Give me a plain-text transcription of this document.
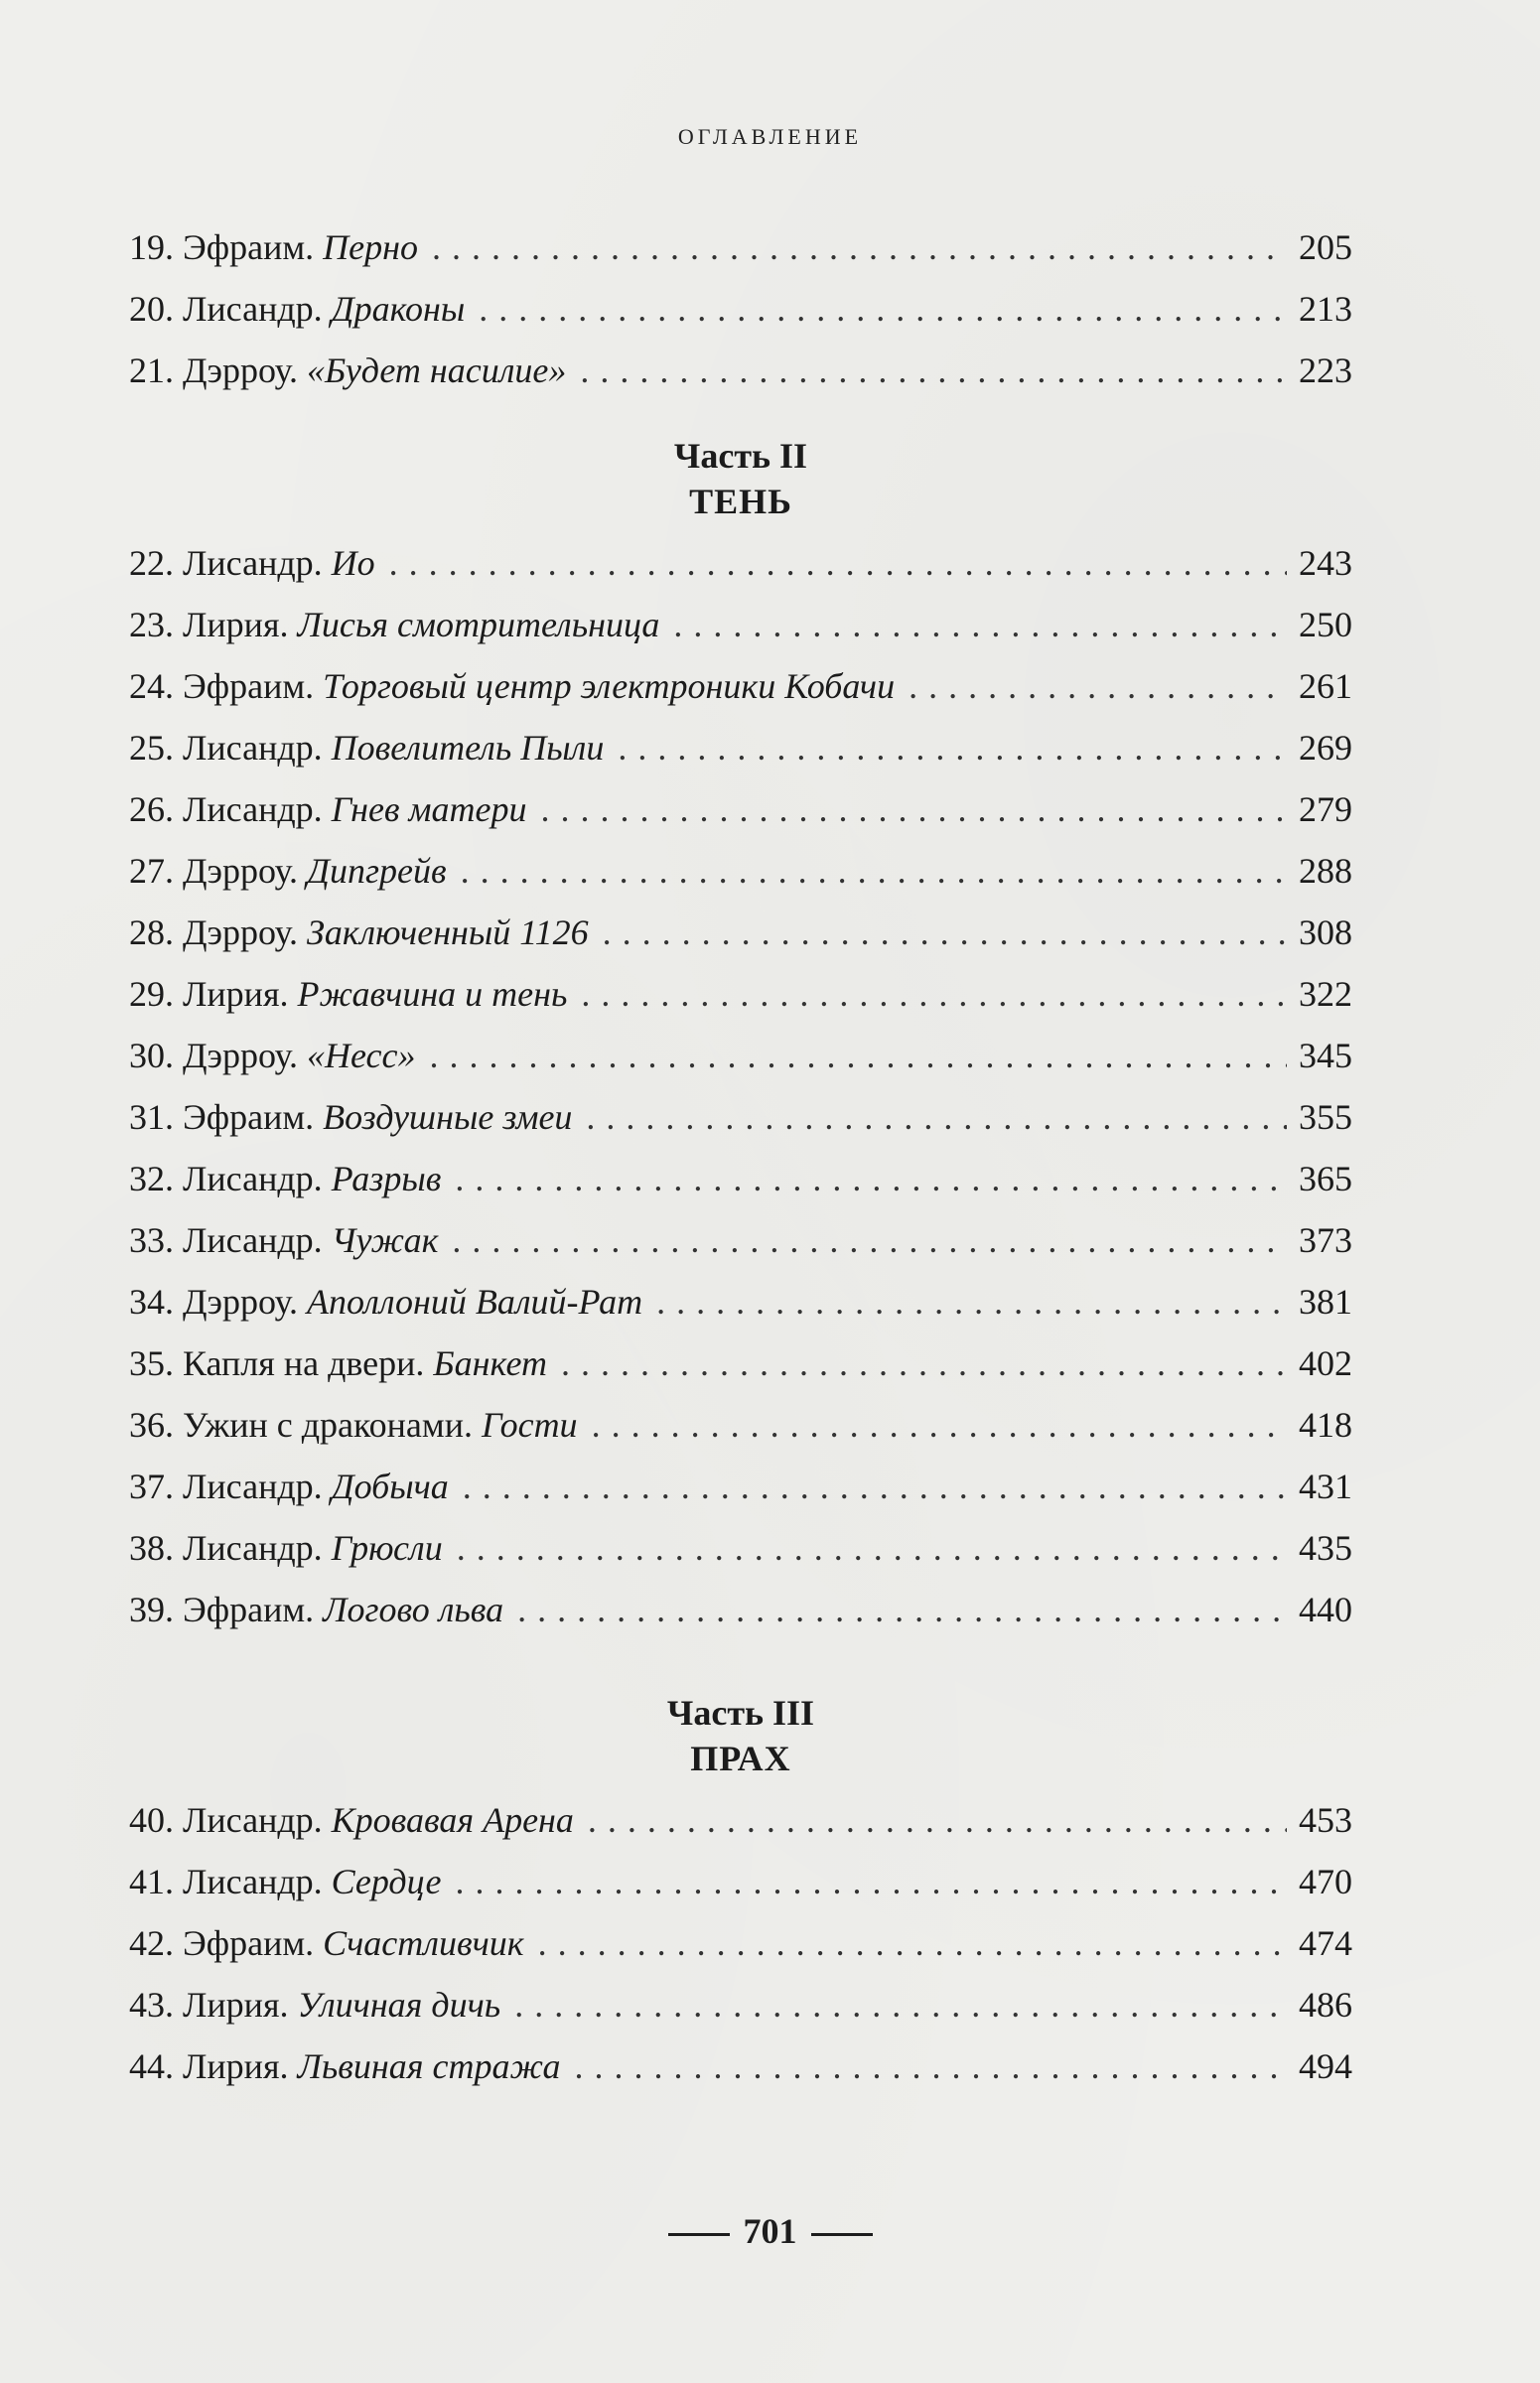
оглавление
19. Эфраим. Перно . . .	205
20. Лисандр. Драконы . . .	213
21. Дэрроу. «Будет насилие» . . .	223
Часть II
ТЕНЬ
22. Лисандр. Ио . . .	243
23. Лирия. Лисья смотрительница . . .	250
24. Эфраим. Торговый центр электроники Кобачи . . .	261
25. Лисандр. Повелитель Пыли . . .	269
26. Лисандр. Гнев матери . . .	279
27. Дэрроу. Дипгрейв . . .	288
28. Дэрроу. Заключенный 1126 . . .	308
29. Лирия. Ржавчина и тень . . .	322
30. Дэрроу. «Несс» . . .	345
31. Эфраим. Воздушные змеи . . .	355
32. Лисандр. Разрыв . . .	365
33. Лисандр. Чужак . . .	373
34. Дэрроу. Аполлоний Валий-Рат . . .	381
35. Капля на двери. Банкет . . .	402
36. Ужин с драконами. Гости . . .	418
37. Лисандр. Добыча . . .	431
38. Лисандр. Грюсли . . .	435
39. Эфраим. Логово льва . . .	440
Часть III
ПРАХ
40. Лисандр. Кровавая Арена . . .	453
41. Лисандр. Сердце . . .	470
42. Эфраим. Счастливчик . . .	474
43. Лирия. Уличная дичь . . .	486
44. Лирия. Львиная стража . . .	494
701
